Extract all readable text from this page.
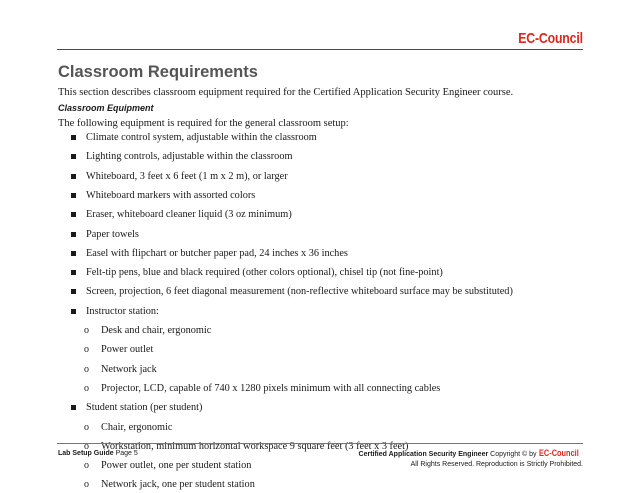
EC-Council
Classroom Requirements
This section describes classroom equipment required for the Certified Application Security Engineer course.
Classroom Equipment
The following equipment is required for the general classroom setup:
Climate control system, adjustable within the classroom
Lighting controls, adjustable within the classroom
Whiteboard, 3 feet x 6 feet (1 m x 2 m), or larger
Whiteboard markers with assorted colors
Eraser, whiteboard cleaner liquid (3 oz minimum)
Paper towels
Easel with flipchart or butcher paper pad, 24 inches x 36 inches
Felt-tip pens, blue and black required (other colors optional), chisel tip (not fine-point)
Screen, projection, 6 feet diagonal measurement (non-reflective whiteboard surface may be substituted)
Instructor station:
o Desk and chair, ergonomic
o Power outlet
o Network jack
o Projector, LCD, capable of 740 x 1280 pixels minimum with all connecting cables
Student station (per student)
o Chair, ergonomic
o Workstation, minimum horizontal workspace 9 square feet (3 feet x 3 feet)
o Power outlet, one per student station
o Network jack, one per student station
Lab Setup Guide Page 5	Certified Application Security Engineer Copyright © by EC-Council
All Rights Reserved. Reproduction is Strictly Prohibited.
